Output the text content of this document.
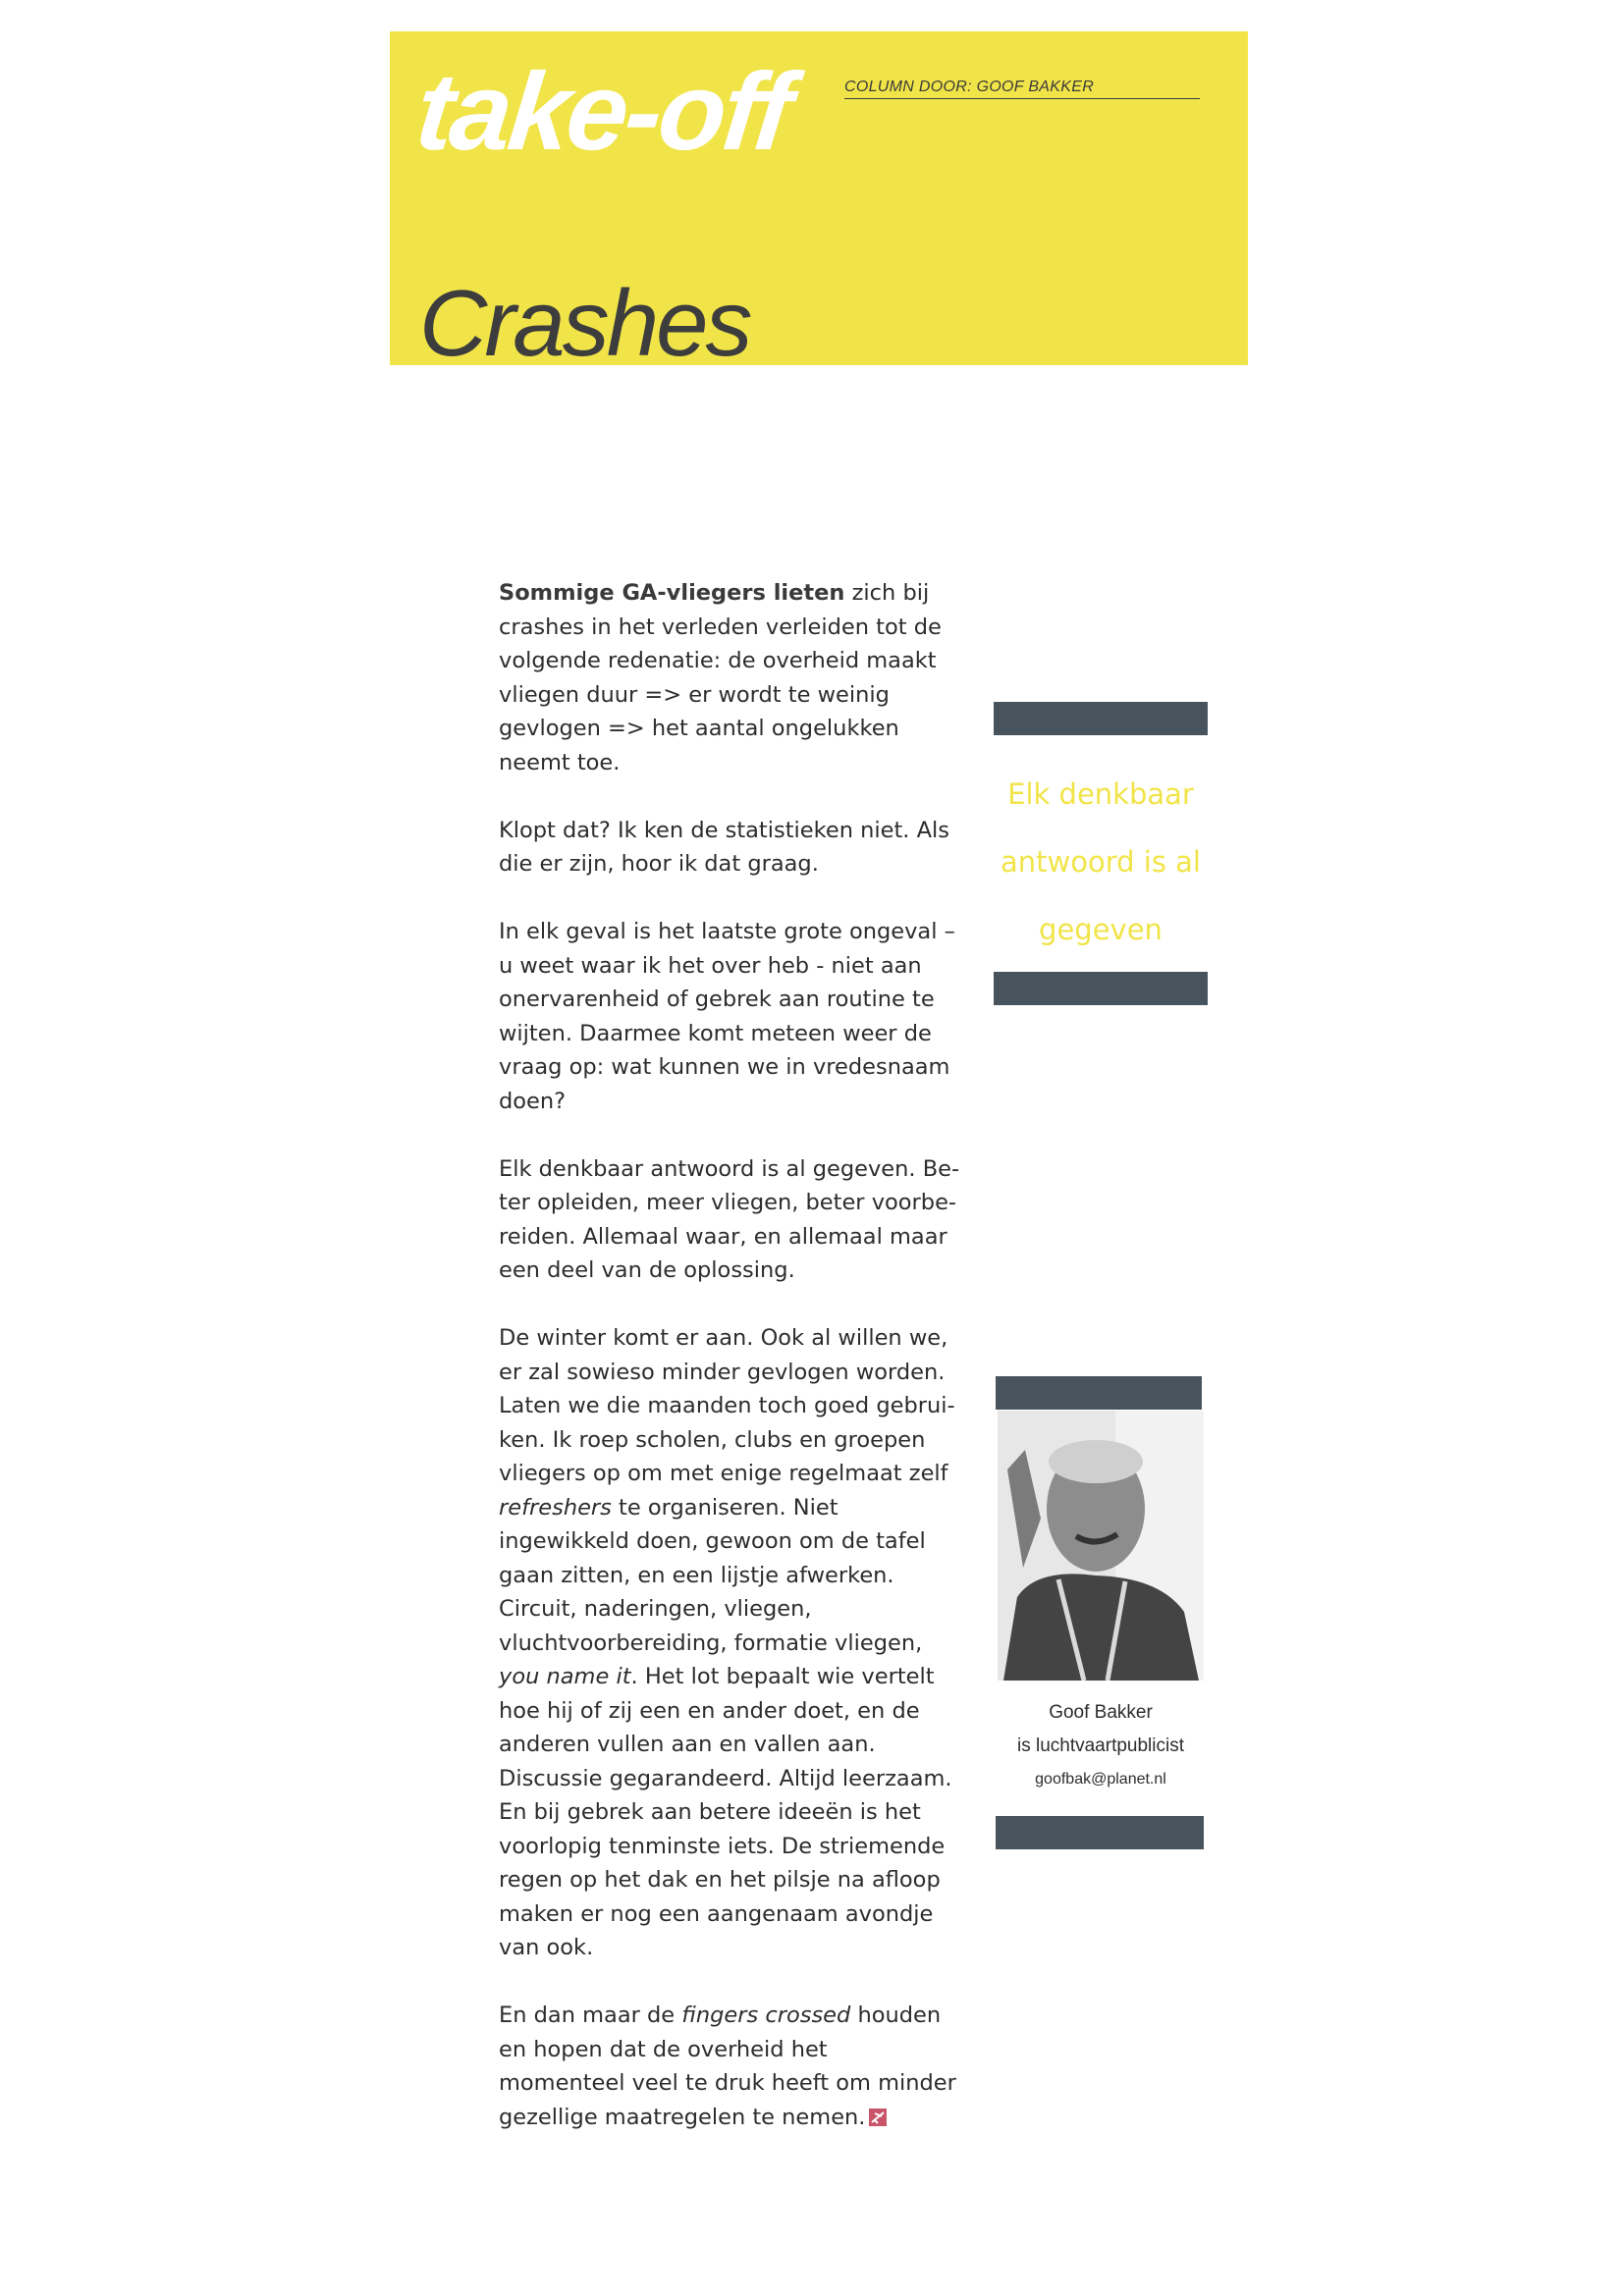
take-off	COLUMN DOOR: GOOF BAKKER
Crashes

Sommige GA-vliegers lieten zich bij crashes in het verleden verleiden tot de volgende redenatie: de overheid maakt vliegen duur => er wordt te weinig gevlogen => het aantal ongelukken neemt toe.

Klopt dat? Ik ken de statistieken niet. Als die er zijn, hoor ik dat graag.

In elk geval is het laatste grote ongeval – u weet waar ik het over heb - niet aan onervarenheid of gebrek aan routine te wijten. Daarmee komt meteen weer de vraag op: wat kunnen we in vredesnaam doen?

Elk denkbaar antwoord is al gegeven. Beter opleiden, meer vliegen, beter voorbereiden. Allemaal waar, en allemaal maar een deel van de oplossing.

De winter komt er aan. Ook al willen we, er zal sowieso minder gevlogen worden. Laten we die maanden toch goed gebruiken. Ik roep scholen, clubs en groepen vliegers op om met enige regelmaat zelf refreshers te organiseren. Niet ingewikkeld doen, gewoon om de tafel gaan zitten, en een lijstje afwerken. Circuit, naderingen, vliegen, vluchtvoorbereiding, formatie vliegen, you name it. Het lot bepaalt wie vertelt hoe hij of zij een en ander doet, en de anderen vullen aan en vallen aan. Discussie gegarandeerd. Altijd leerzaam. En bij gebrek aan betere ideeën is het voorlopig tenminste iets. De striemende regen op het dak en het pilsje na afloop maken er nog een aangenaam avondje van ook.

En dan maar de fingers crossed houden en hopen dat de overheid het momenteel veel te druk heeft om minder gezellige maatregelen te nemen.

Elk denkbaar antwoord is al gegeven
Goof Bakker
is luchtvaartpublicist
goofbak@planet.nl
